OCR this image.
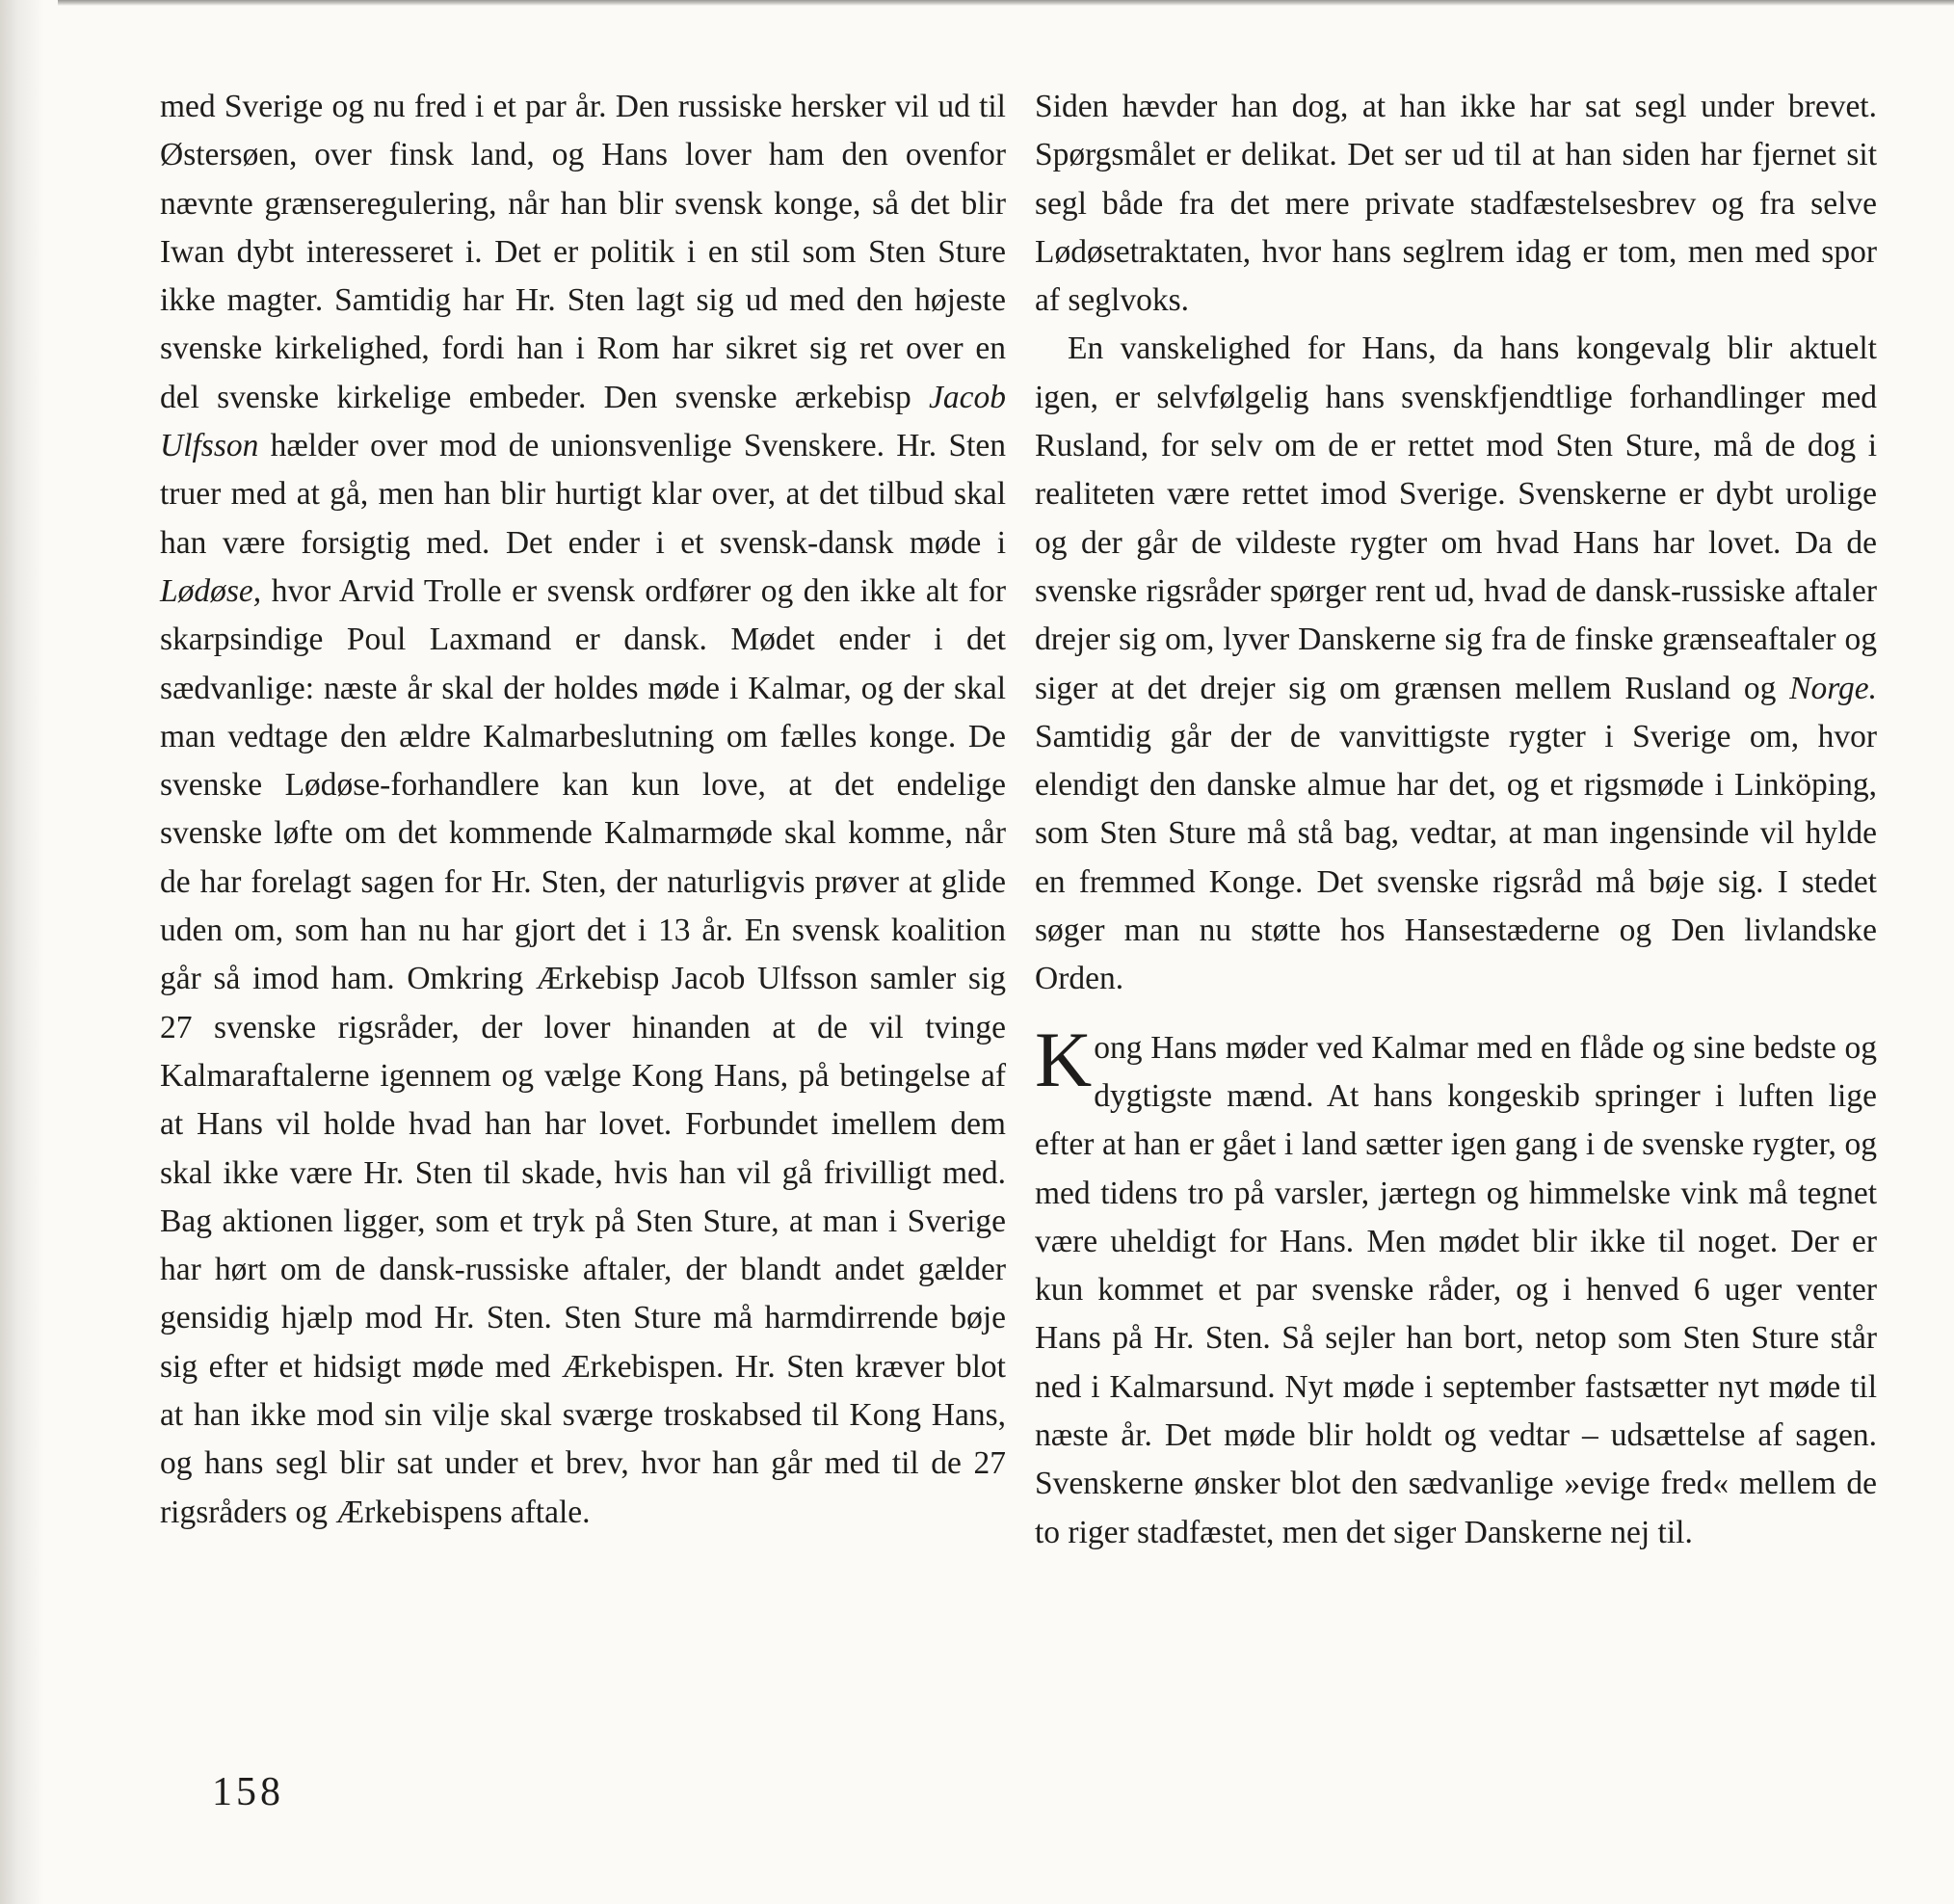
med Sverige og nu fred i et par år. Den russiske hersker vil ud til Østersøen, over finsk land, og Hans lover ham den ovenfor nævnte grænseregulering, når han blir svensk konge, så det blir Iwan dybt interesseret i. Det er politik i en stil som Sten Sture ikke magter. Samtidig har Hr. Sten lagt sig ud med den højeste svenske kirkelighed, fordi han i Rom har sikret sig ret over en del svenske kirkelige embeder. Den svenske ærkebisp Jacob Ulfsson hælder over mod de unionsvenlige Svenskere. Hr. Sten truer med at gå, men han blir hurtigt klar over, at det tilbud skal han være forsigtig med. Det ender i et svensk-dansk møde i Lødøse, hvor Arvid Trolle er svensk ordfører og den ikke alt for skarpsindige Poul Laxmand er dansk. Mødet ender i det sædvanlige: næste år skal der holdes møde i Kalmar, og der skal man vedtage den ældre Kalmarbeslutning om fælles konge. De svenske Lødøse-forhandlere kan kun love, at det endelige svenske løfte om det kommende Kalmarmøde skal komme, når de har forelagt sagen for Hr. Sten, der naturligvis prøver at glide uden om, som han nu har gjort det i 13 år. En svensk koalition går så imod ham. Omkring Ærkebisp Jacob Ulfsson samler sig 27 svenske rigsråder, der lover hinanden at de vil tvinge Kalmaraftalerne igennem og vælge Kong Hans, på betingelse af at Hans vil holde hvad han har lovet. Forbundet imellem dem skal ikke være Hr. Sten til skade, hvis han vil gå frivilligt med. Bag aktionen ligger, som et tryk på Sten Sture, at man i Sverige har hørt om de dansk-russiske aftaler, der blandt andet gælder gensidig hjælp mod Hr. Sten. Sten Sture må harmdirrende bøje sig efter et hidsigt møde med Ærkebispen. Hr. Sten kræver blot at han ikke mod sin vilje skal sværge troskabsed til Kong Hans, og hans segl blir sat under et brev, hvor han går med til de 27 rigsråders og Ærkebispens aftale.

Siden hævder han dog, at han ikke har sat segl under brevet. Spørgsmålet er delikat. Det ser ud til at han siden har fjernet sit segl både fra det mere private stadfæstelsesbrev og fra selve Lødøsetraktaten, hvor hans seglrem idag er tom, men med spor af seglvoks.

En vanskelighed for Hans, da hans kongevalg blir aktuelt igen, er selvfølgelig hans svenskfjendtlige forhandlinger med Rusland, for selv om de er rettet mod Sten Sture, må de dog i realiteten være rettet imod Sverige. Svenskerne er dybt urolige og der går de vildeste rygter om hvad Hans har lovet. Da de svenske rigsråder spørger rent ud, hvad de dansk-russiske aftaler drejer sig om, lyver Danskerne sig fra de finske grænseaftaler og siger at det drejer sig om grænsen mellem Rusland og Norge. Samtidig går der de vanvittigste rygter i Sverige om, hvor elendigt den danske almue har det, og et rigsmøde i Linköping, som Sten Sture må stå bag, vedtar, at man ingensinde vil hylde en fremmed Konge. Det svenske rigsråd må bøje sig. I stedet søger man nu støtte hos Hansestæderne og Den livlandske Orden.

Kong Hans møder ved Kalmar med en flåde og sine bedste og dygtigste mænd. At hans kongeskib springer i luften lige efter at han er gået i land sætter igen gang i de svenske rygter, og med tidens tro på varsler, jærtegn og himmelske vink må tegnet være uheldigt for Hans. Men mødet blir ikke til noget. Der er kun kommet et par svenske råder, og i henved 6 uger venter Hans på Hr. Sten. Så sejler han bort, netop som Sten Sture står ned i Kalmarsund. Nyt møde i september fastsætter nyt møde til næste år. Det møde blir holdt og vedtar – udsættelse af sagen. Svenskerne ønsker blot den sædvanlige »evige fred« mellem de to riger stadfæstet, men det siger Danskerne nej til.

158
